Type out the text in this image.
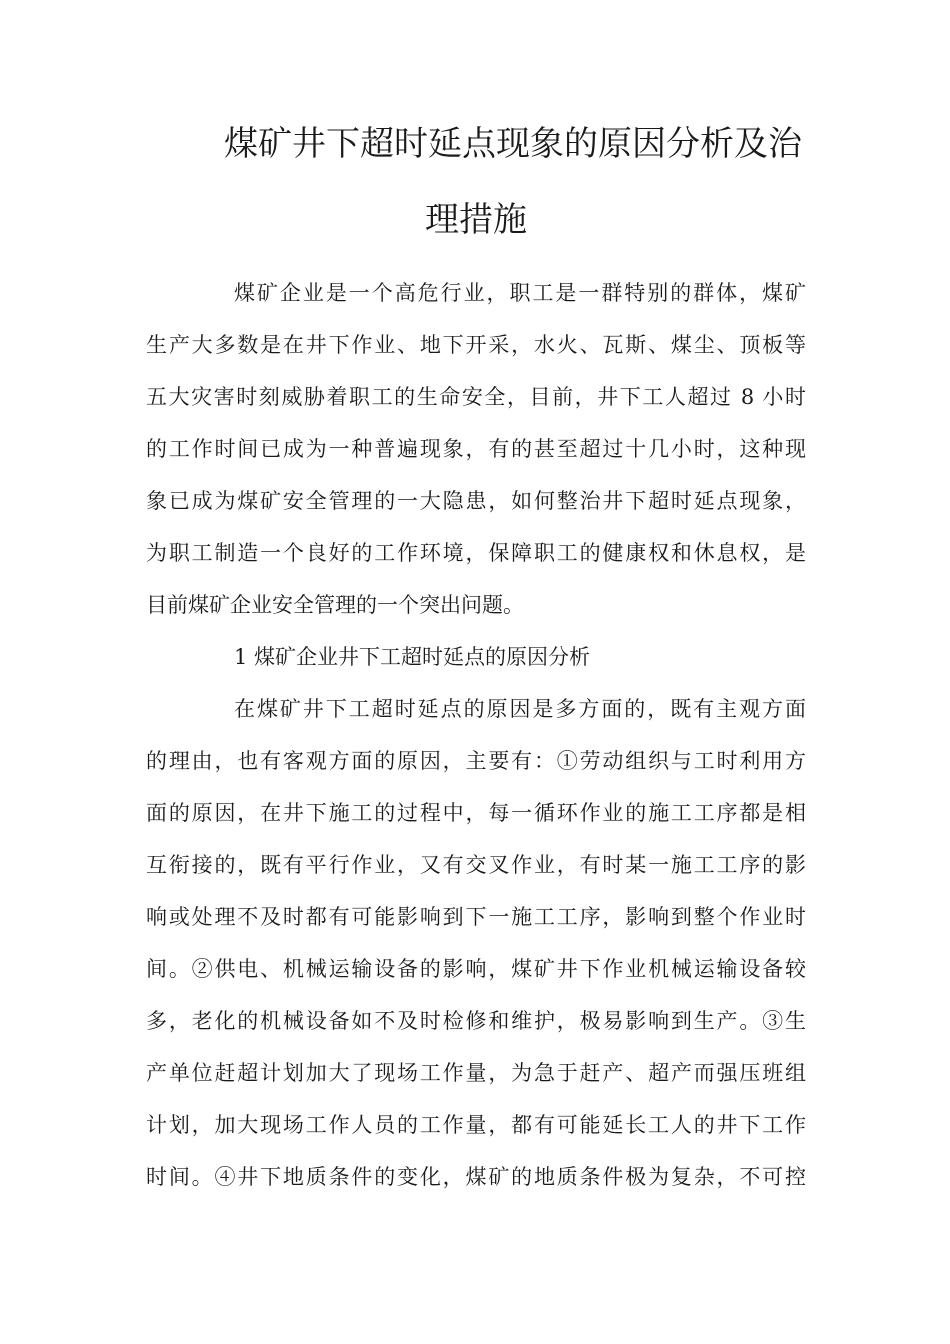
煤矿井下超时延点现象的原因分析及治
理措施
煤矿企业是一个高危行业，职工是一群特别的群体，煤矿
生产大多数是在井下作业、地下开采，水火、瓦斯、煤尘、顶板等
五大灾害时刻威胁着职工的生命安全，目前，井下工人超过 8 小时
的工作时间已成为一种普遍现象，有的甚至超过十几小时，这种现
象已成为煤矿安全管理的一大隐患，如何整治井下超时延点现象，
为职工制造一个良好的工作环境，保障职工的健康权和休息权，是
目前煤矿企业安全管理的一个突出问题。
1 煤矿企业井下工超时延点的原因分析
在煤矿井下工超时延点的原因是多方面的，既有主观方面
的理由，也有客观方面的原因，主要有：①劳动组织与工时利用方
面的原因，在井下施工的过程中，每一循环作业的施工工序都是相
互衔接的，既有平行作业，又有交叉作业，有时某一施工工序的影
响或处理不及时都有可能影响到下一施工工序，影响到整个作业时
间。②供电、机械运输设备的影响，煤矿井下作业机械运输设备较
多，老化的机械设备如不及时检修和维护，极易影响到生产。③生
产单位赶超计划加大了现场工作量，为急于赶产、超产而强压班组
计划，加大现场工作人员的工作量，都有可能延长工人的井下工作
时间。④井下地质条件的变化，煤矿的地质条件极为复杂，不可控
